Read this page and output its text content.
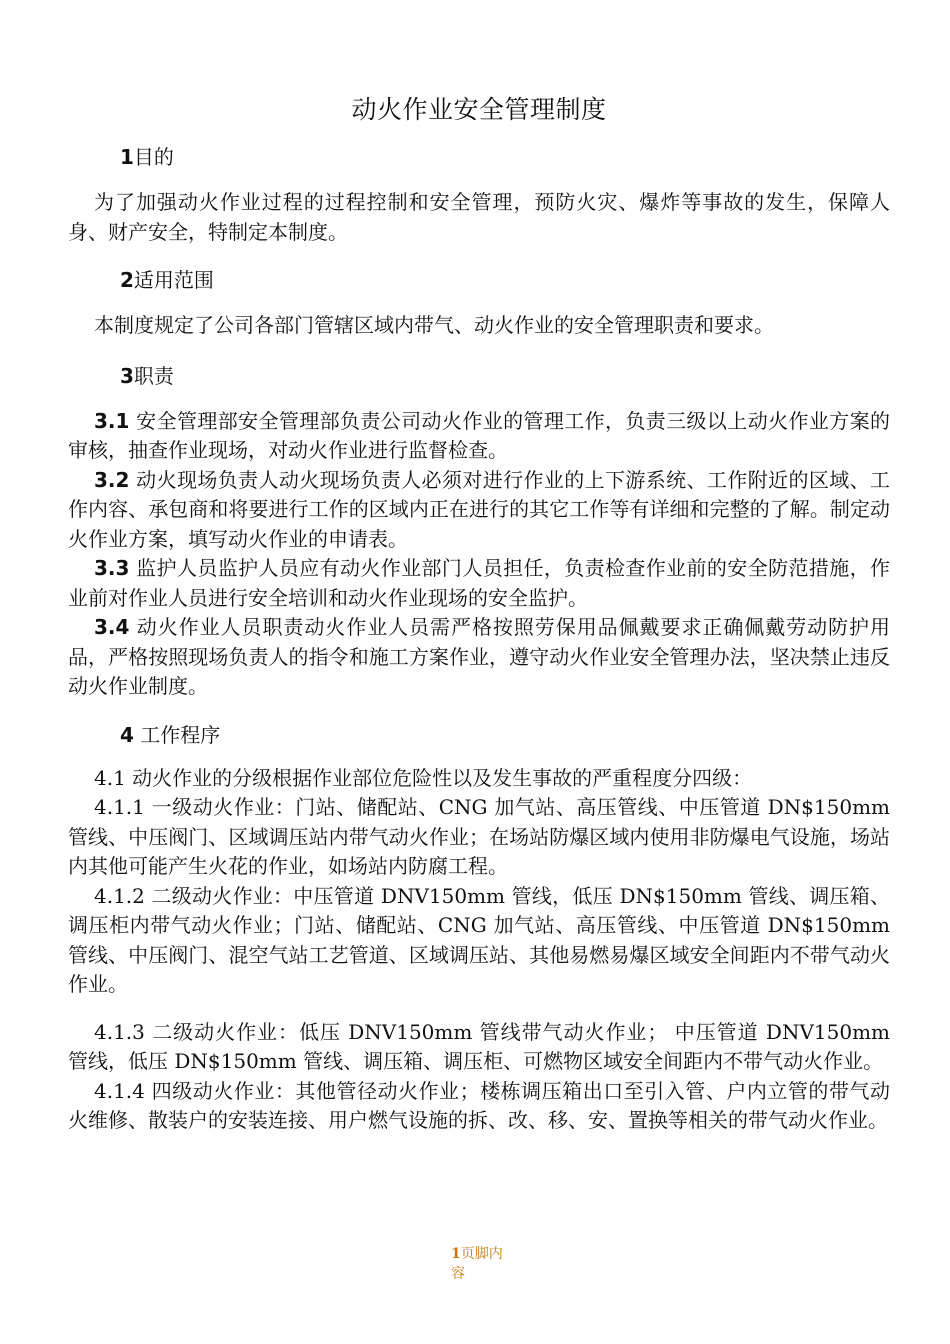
动火作业安全管理制度
1目的

为了加强动火作业过程的过程控制和安全管理，预防火灾、爆炸等事故的发生，保障人身、财产安全，特制定本制度。

2适用范围

本制度规定了公司各部门管辖区域内带气、动火作业的安全管理职责和要求。

3职责

3.1 安全管理部安全管理部负责公司动火作业的管理工作，负责三级以上动火作业方案的审核，抽查作业现场，对动火作业进行监督检查。

3.2 动火现场负责人动火现场负责人必须对进行作业的上下游系统、工作附近的区域、工作内容、承包商和将要进行工作的区域内正在进行的其它工作等有详细和完整的了解。制定动火作业方案，填写动火作业的申请表。

3.3 监护人员监护人员应有动火作业部门人员担任，负责检查作业前的安全防范措施，作业前对作业人员进行安全培训和动火作业现场的安全监护。

3.4 动火作业人员职责动火作业人员需严格按照劳保用品佩戴要求正确佩戴劳动防护用品，严格按照现场负责人的指令和施工方案作业，遵守动火作业安全管理办法，坚决禁止违反动火作业制度。

4 工作程序

4.1 动火作业的分级根据作业部位危险性以及发生事故的严重程度分四级：

4.1.1 一级动火作业：门站、储配站、CNG 加气站、高压管线、中压管道 DN$150mm 管线、中压阀门、区域调压站内带气动火作业；在场站防爆区域内使用非防爆电气设施，场站内其他可能产生火花的作业，如场站内防腐工程。

4.1.2 二级动火作业：中压管道 DNV150mm 管线，低压 DN$150mm 管线、调压箱、调压柜内带气动火作业；门站、储配站、CNG 加气站、高压管线、中压管道 DN$150mm 管线、中压阀门、混空气站工艺管道、区域调压站、其他易燃易爆区域安全间距内不带气动火作业。

4.1.3 二级动火作业：低压 DNV150mm 管线带气动火作业； 中压管道 DNV150mm 管线，低压 DN$150mm 管线、调压箱、调压柜、可燃物区域安全间距内不带气动火作业。

4.1.4 四级动火作业：其他管径动火作业；楼栋调压箱出口至引入管、户内立管的带气动火维修、散装户的安装连接、用户燃气设施的拆、改、移、安、置换等相关的带气动火作业。

1页脚内容
